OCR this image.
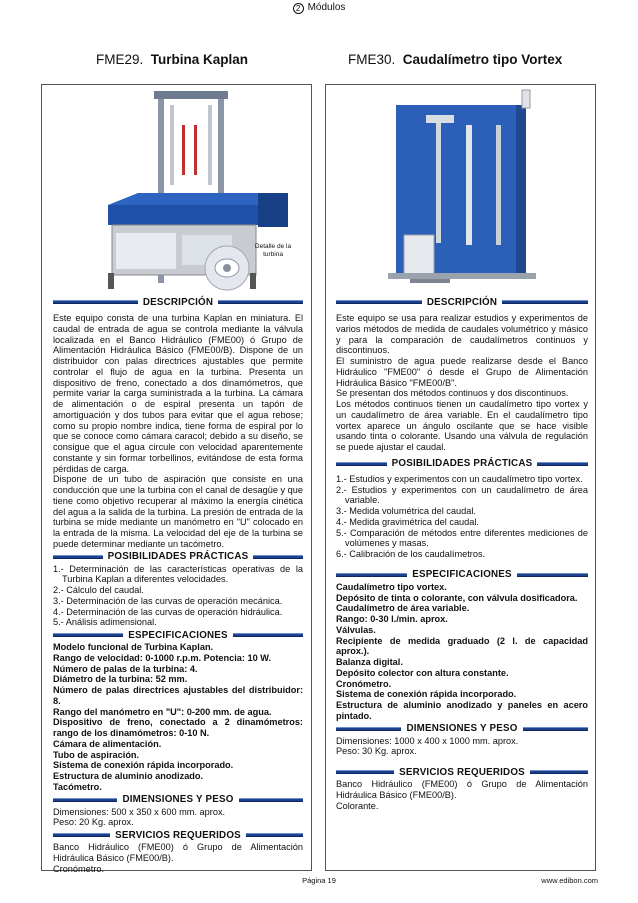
2 Módulos
FME29. Turbina Kaplan	FME30. Caudalímetro tipo Vortex
Detalle de la turbina
DESCRIPCIÓN

Este equipo consta de una turbina Kaplan en miniatura. El caudal de entrada de agua se controla mediante la válvula localizada en el Banco Hidráulico (FME00) ó Grupo de Alimentación Hidráulica Básico (FME00/B). Dispone de un distribuidor con palas directrices ajustables que permite controlar el flujo de agua en la turbina. Presenta un dispositivo de freno, conectado a dos dinamómetros, que permite variar la carga suministrada a la turbina. La cámara de alimentación o de espiral presenta un tapón de amortiguación y dos tubos para evitar que el agua rebose; como su propio nombre indica, tiene forma de espiral por lo que se conoce como cámara caracol; debido a su diseño, se consigue que el agua circule con velocidad aparentemente constante y sin formar torbellinos, evitándose de esta forma pérdidas de carga.

Dispone de un tubo de aspiración que consiste en una conducción que une la turbina con el canal de desagüe y que tiene como objetivo recuperar al máximo la energía cinética del agua a la salida de la turbina. La presión de entrada de la turbina se mide mediante un manómetro en "U" colocado en la entrada de la misma. La velocidad del eje de la turbina se puede determinar mediante un tacómetro.

POSIBILIDADES PRÁCTICAS

1.- Determinación de las características operativas de la Turbina Kaplan a diferentes velocidades.

2.- Cálculo del caudal.

3.- Determinación de las curvas de operación mecánica.

4.- Determinación de las curvas de operación hidráulica.

5.- Análisis adimensional.

ESPECIFICACIONES

Modelo funcional de Turbina Kaplan.

Rango de velocidad: 0-1000 r.p.m. Potencia: 10 W.

Número de palas de la turbina: 4.

Diámetro de la turbina: 52 mm.

Número de palas directrices ajustables del distribuidor: 8.

Rango del manómetro en "U": 0-200 mm. de agua.

Dispositivo de freno, conectado a 2 dinamómetros: rango de los dinamómetros: 0-10 N.

Cámara de alimentación.

Tubo de aspiración.

Sistema de conexión rápida incorporado.

Estructura de aluminio anodizado.

Tacómetro.

DIMENSIONES Y PESO

Dimensiones: 500 x 350 x 600 mm. aprox.

Peso: 20 Kg. aprox.

SERVICIOS REQUERIDOS

Banco Hidráulico (FME00) ó Grupo de Alimentación Hidráulica Básico (FME00/B).

Cronómetro.

DESCRIPCIÓN

Este equipo se usa para realizar estudios y experimentos de varios métodos de medida de caudales volumétrico y másico y para la comparación de caudalímetros continuos y discontinuos.

El suministro de agua puede realizarse desde el Banco Hidráulico "FME00" ó desde el Grupo de Alimentación Hidráulica Básico "FME00/B".

Se presentan dos métodos continuos y dos discontinuos.

Los métodos continuos tienen un caudalímetro tipo vortex y un caudalímetro de área variable. En el caudalímetro tipo vortex aparece un ángulo oscilante que se hace visible usando tinta o colorante. Usando una válvula de regulación se puede ajustar el caudal.

POSIBILIDADES PRÁCTICAS

1.- Estudios y experimentos con un caudalímetro tipo vortex.

2.- Estudios y experimentos con un caudalímetro de área variable.

3.- Medida volumétrica del caudal.

4.- Medida gravimétrica del caudal.

5.- Comparación de métodos entre diferentes mediciones de volúmenes y masas.

6.- Calibración de los caudalímetros.

ESPECIFICACIONES

Caudalímetro tipo vortex.

Depósito de tinta o colorante, con válvula dosificadora.

Caudalímetro de área variable.

Rango: 0-30 l./min. aprox.

Válvulas.

Recipiente de medida graduado (2 l. de capacidad aprox.).

Balanza digital.

Depósito colector con altura constante.

Cronómetro.

Sistema de conexión rápida incorporado.

Estructura de aluminio anodizado y paneles en acero pintado.

DIMENSIONES Y PESO

Dimensiones: 1000 x 400 x 1000 mm. aprox.

Peso: 30 Kg. aprox.

SERVICIOS REQUERIDOS

Banco Hidráulico (FME00) ó Grupo de Alimentación Hidráulica Básico (FME00/B).

Colorante.

Página 19	www.edibon.com
